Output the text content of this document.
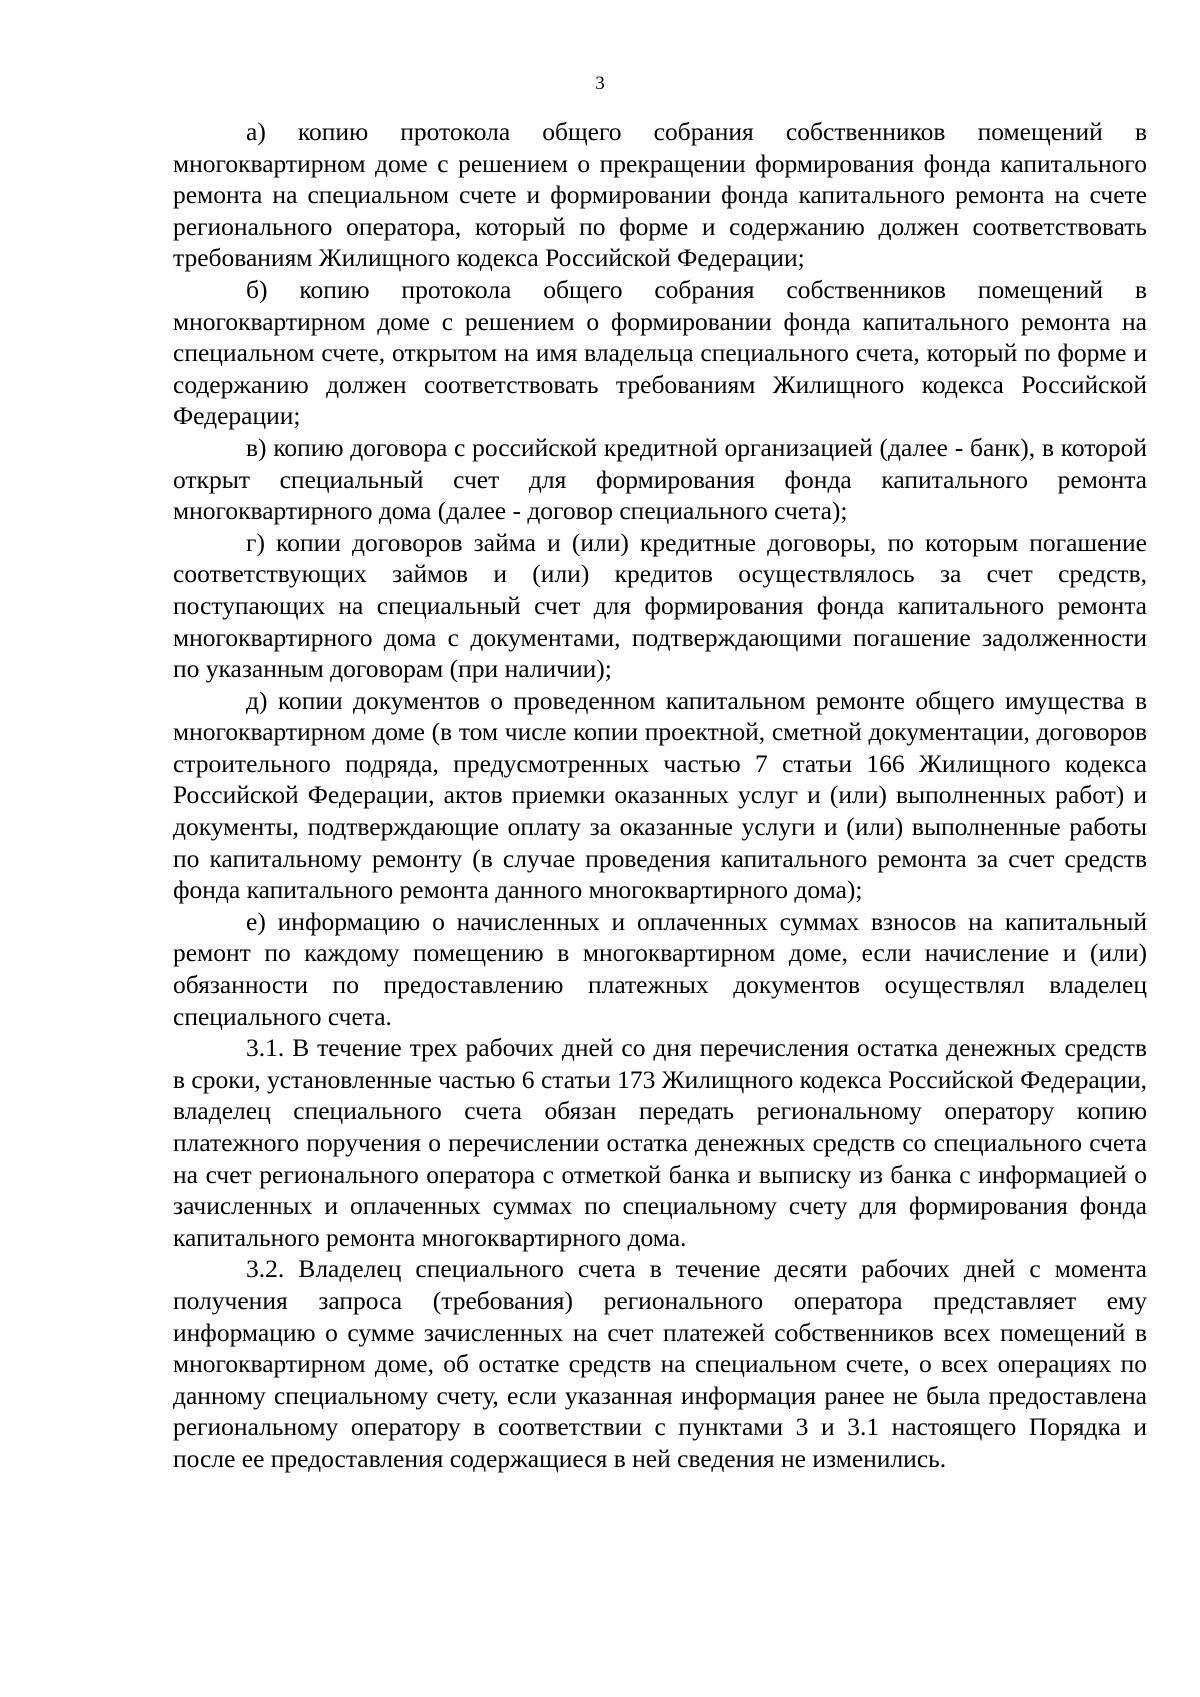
3

а) копию протокола общего собрания собственников помещений в многоквартирном доме с решением о прекращении формирования фонда капитального ремонта на специальном счете и формировании фонда капитального ремонта на счете регионального оператора, который по форме и содержанию должен соответствовать требованиям Жилищного кодекса Российской Федерации;

б) копию протокола общего собрания собственников помещений в многоквартирном доме с решением о формировании фонда капитального ремонта на специальном счете, открытом на имя владельца специального счета, который по форме и содержанию должен соответствовать требованиям Жилищного кодекса Российской Федерации;

в) копию договора с российской кредитной организацией (далее - банк), в которой открыт специальный счет для формирования фонда капитального ремонта многоквартирного дома (далее - договор специального счета);

г) копии договоров займа и (или) кредитные договоры, по которым погашение соответствующих займов и (или) кредитов осуществлялось за счет средств, поступающих на специальный счет для формирования фонда капитального ремонта многоквартирного дома с документами, подтверждающими погашение задолженности по указанным договорам (при наличии);

д) копии документов о проведенном капитальном ремонте общего имущества в многоквартирном доме (в том числе копии проектной, сметной документации, договоров строительного подряда, предусмотренных частью 7 статьи 166 Жилищного кодекса Российской Федерации, актов приемки оказанных услуг и (или) выполненных работ) и документы, подтверждающие оплату за оказанные услуги и (или) выполненные работы по капитальному ремонту (в случае проведения капитального ремонта за счет средств фонда капитального ремонта данного многоквартирного дома);

е) информацию о начисленных и оплаченных суммах взносов на капитальный ремонт по каждому помещению в многоквартирном доме, если начисление и (или) обязанности по предоставлению платежных документов осуществлял владелец специального счета.

3.1. В течение трех рабочих дней со дня перечисления остатка денежных средств в сроки, установленные частью 6 статьи 173 Жилищного кодекса Российской Федерации, владелец специального счета обязан передать региональному оператору копию платежного поручения о перечислении остатка денежных средств со специального счета на счет регионального оператора с отметкой банка и выписку из банка с информацией о зачисленных и оплаченных суммах по специальному счету для формирования фонда капитального ремонта многоквартирного дома.

3.2. Владелец специального счета в течение десяти рабочих дней с момента получения запроса (требования) регионального оператора представляет ему информацию о сумме зачисленных на счет платежей собственников всех помещений в многоквартирном доме, об остатке средств на специальном счете, о всех операциях по данному специальному счету, если указанная информация ранее не была предоставлена региональному оператору в соответствии с пунктами 3 и 3.1 настоящего Порядка и после ее предоставления содержащиеся в ней сведения не изменились.
